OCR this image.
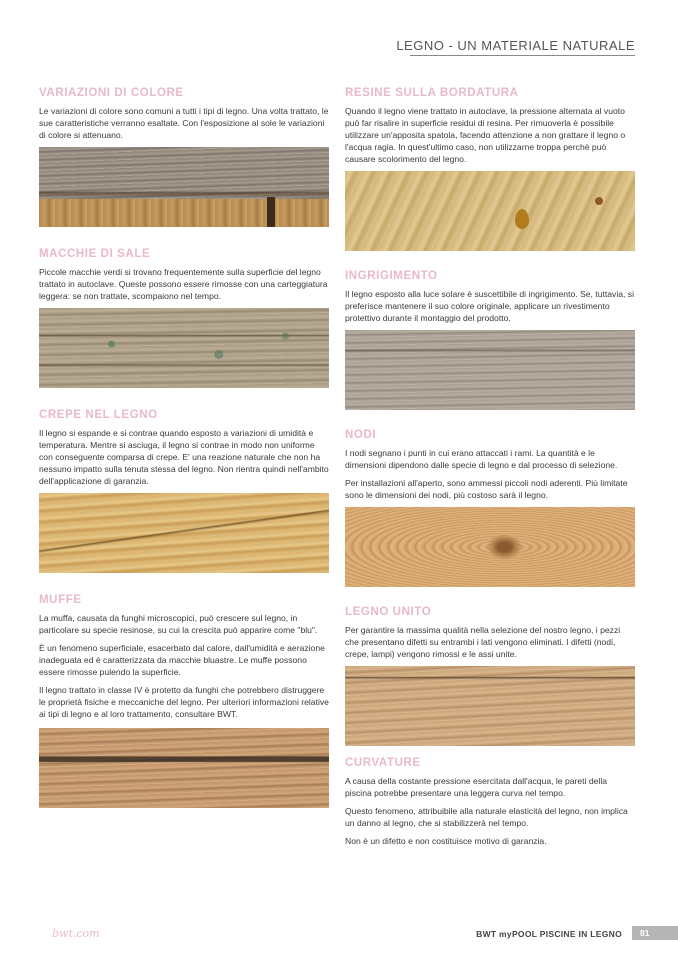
LEGNO - UN MATERIALE NATURALE
VARIAZIONI DI COLORE

Le variazioni di colore sono comuni a tutti i tipi di legno. Una volta trattato, le sue caratteristiche verranno esaltate. Con l'esposizione al sole le variazioni di colore si attenuano.

MACCHIE DI SALE

Piccole macchie verdi si trovano frequentemente sulla superficie del legno trattato in autoclave. Queste possono essere rimosse con una carteggiatura leggera: se non trattate, scompaiono nel tempo.

CREPE NEL LEGNO

Il legno si espande e si contrae quando esposto a variazioni di umidità e temperatura. Mentre si asciuga, il legno si contrae in modo non uniforme con conseguente comparsa di crepe. E' una reazione naturale che non ha nessuno impatto sulla tenuta stessa del legno. Non rientra quindi nell'ambito dell'applicazione di garanzia.

MUFFE

La muffa, causata da funghi microscopici, può crescere sul legno, in particolare su specie resinose, su cui la crescita può apparire come "blu".

È un fenomeno superficiale, esacerbato dal calore, dall'umidità e aerazione inadeguata ed è caratterizzata da macchie bluastre. Le muffe possono essere rimosse pulendo la superficie.

Il legno trattato in classe IV è protetto da funghi che potrebbero distruggere le proprietà fisiche e meccaniche del legno. Per ulteriori informazioni relative ai tipi di legno e al loro trattamento, consultare BWT.

RESINE SULLA BORDATURA

Quando il legno viene trattato in autoclave, la pressione alternata al vuoto può far risalire in superficie residui di resina. Per rimuoverla è possibile utilizzare un'apposita spatola, facendo attenzione a non grattare il legno o l'acqua ragia. In quest'ultimo caso, non utilizzarne troppa perchè può causare scolorimento del legno.

INGRIGIMENTO

Il legno esposto alla luce solare è suscettibile di ingrigimento. Se, tuttavia, si preferisce mantenere il suo colore originale, applicare un rivestimento protettivo durante il montaggio del prodotto.

NODI

I nodi segnano i punti in cui erano attaccati i rami. La quantità e le dimensioni dipendono dalle specie di legno e dal processo di selezione.

Per installazioni all'aperto, sono ammessi piccoli nodi aderenti. Più limitate sono le dimensioni dei nodi, più costoso sarà il legno.

LEGNO UNITO

Per garantire la massima qualità nella selezione del nostro legno, i pezzi che presentano difetti su entrambi i lati vengono eliminati. I difetti (nodi, crepe, lampi) vengono rimossi e le assi unite.

CURVATURE

A causa della costante pressione esercitata dall'acqua, le pareti della piscina potrebbe presentare una leggera curva nel tempo.

Questo fenomeno, attribuibile alla naturale elasticità del legno, non implica un danno al legno, che si stabilizzerà nel tempo.

Non è un difetto e non costituisce motivo di garanzia.

bwt.com	BWT myPOOL PISCINE IN LEGNO	81
